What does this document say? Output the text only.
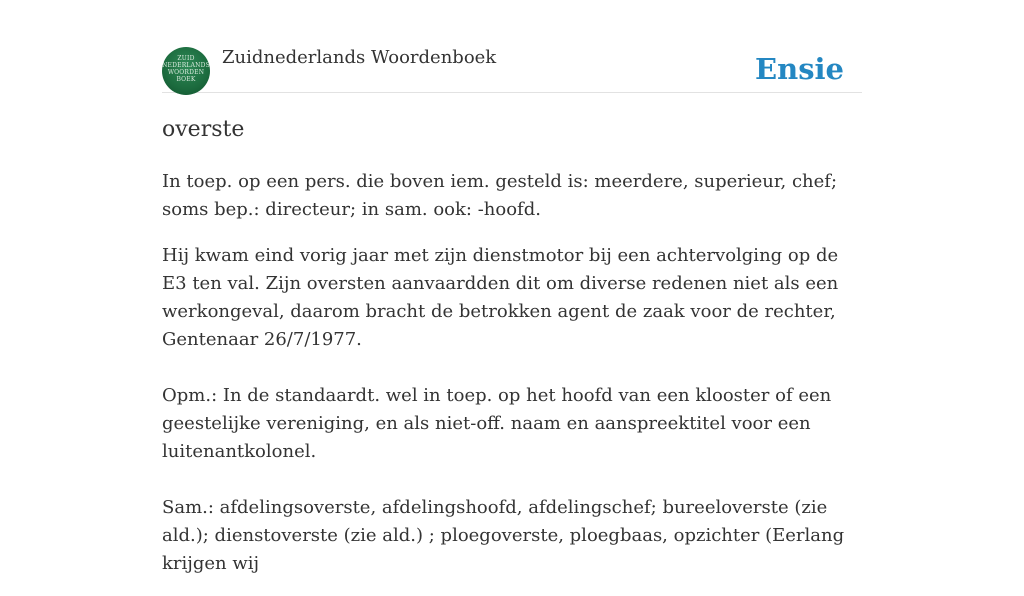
ZUID
NEDERLANDS
WOORDEN
BOEK
Zuidnederlands Woordenboek	Ensie
overste

In toep. op een pers. die boven iem. gesteld is: meerdere, superieur, chef; soms bep.: directeur; in sam. ook: -hoofd.

Hij kwam eind vorig jaar met zijn dienstmotor bij een achtervolging op de E3 ten val. Zijn oversten aanvaardden dit om diverse redenen niet als een werkongeval, daarom bracht de betrokken agent de zaak voor de rechter, Gentenaar 26/7/1977.

Opm.: In de standaardt. wel in toep. op het hoofd van een klooster of een geestelijke vereniging, en als niet-off. naam en aanspreektitel voor een luitenantkolonel.

Sam.: afdelingsoverste, afdelingshoofd, afdelingschef; bureeloverste (zie ald.); dienstoverste (zie ald.) ; ploegoverste, ploegbaas, opzichter (Eerlang krijgen wij
